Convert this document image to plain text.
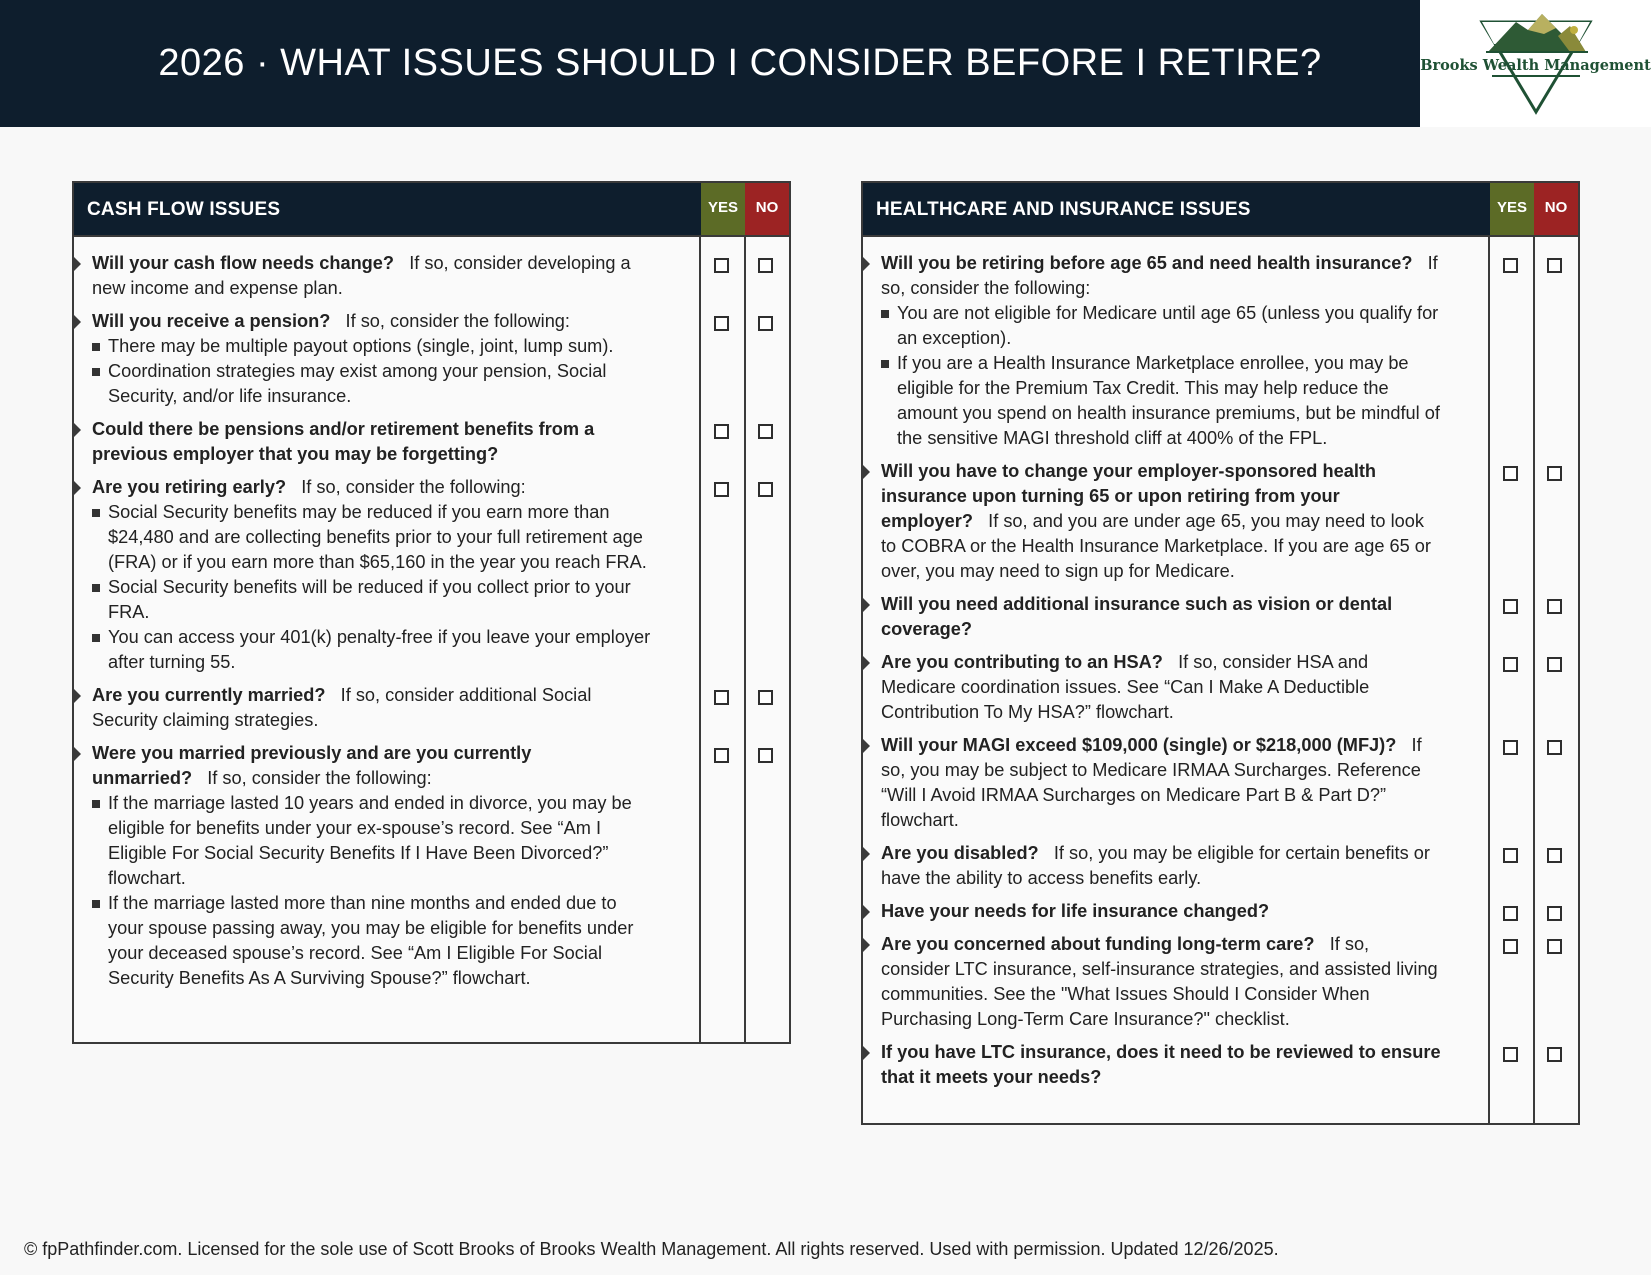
2026 · WHAT ISSUES SHOULD I CONSIDER BEFORE I RETIRE?	Brooks Wealth Management
CASH FLOW ISSUES	YES	NO
Will your cash flow needs change? If so, consider developing a new income and expense plan.
Will you receive a pension? If so, consider the following:
There may be multiple payout options (single, joint, lump sum).
Coordination strategies may exist among your pension, Social Security, and/or life insurance.
Could there be pensions and/or retirement benefits from a previous employer that you may be forgetting?
Are you retiring early? If so, consider the following:
Social Security benefits may be reduced if you earn more than $24,480 and are collecting benefits prior to your full retirement age (FRA) or if you earn more than $65,160 in the year you reach FRA.
Social Security benefits will be reduced if you collect prior to your FRA.
You can access your 401(k) penalty-free if you leave your employer after turning 55.
Are you currently married? If so, consider additional Social Security claiming strategies.
Were you married previously and are you currently unmarried? If so, consider the following:
If the marriage lasted 10 years and ended in divorce, you may be eligible for benefits under your ex-spouse’s record. See “Am I Eligible For Social Security Benefits If I Have Been Divorced?” flowchart.
If the marriage lasted more than nine months and ended due to your spouse passing away, you may be eligible for benefits under your deceased spouse’s record. See “Am I Eligible For Social Security Benefits As A Surviving Spouse?” flowchart.
HEALTHCARE AND INSURANCE ISSUES	YES	NO
Will you be retiring before age 65 and need health insurance? If so, consider the following:
You are not eligible for Medicare until age 65 (unless you qualify for an exception).
If you are a Health Insurance Marketplace enrollee, you may be eligible for the Premium Tax Credit. This may help reduce the amount you spend on health insurance premiums, but be mindful of the sensitive MAGI threshold cliff at 400% of the FPL.
Will you have to change your employer-sponsored health insurance upon turning 65 or upon retiring from your employer? If so, and you are under age 65, you may need to look to COBRA or the Health Insurance Marketplace. If you are age 65 or over, you may need to sign up for Medicare.
Will you need additional insurance such as vision or dental coverage?
Are you contributing to an HSA? If so, consider HSA and Medicare coordination issues. See “Can I Make A Deductible Contribution To My HSA?” flowchart.
Will your MAGI exceed $109,000 (single) or $218,000 (MFJ)? If so, you may be subject to Medicare IRMAA Surcharges. Reference “Will I Avoid IRMAA Surcharges on Medicare Part B & Part D?” flowchart.
Are you disabled? If so, you may be eligible for certain benefits or have the ability to access benefits early.
Have your needs for life insurance changed?
Are you concerned about funding long-term care? If so, consider LTC insurance, self-insurance strategies, and assisted living communities. See the "What Issues Should I Consider When Purchasing Long-Term Care Insurance?" checklist.
If you have LTC insurance, does it need to be reviewed to ensure that it meets your needs?
© fpPathfinder.com. Licensed for the sole use of Scott Brooks of Brooks Wealth Management. All rights reserved. Used with permission. Updated 12/26/2025.
